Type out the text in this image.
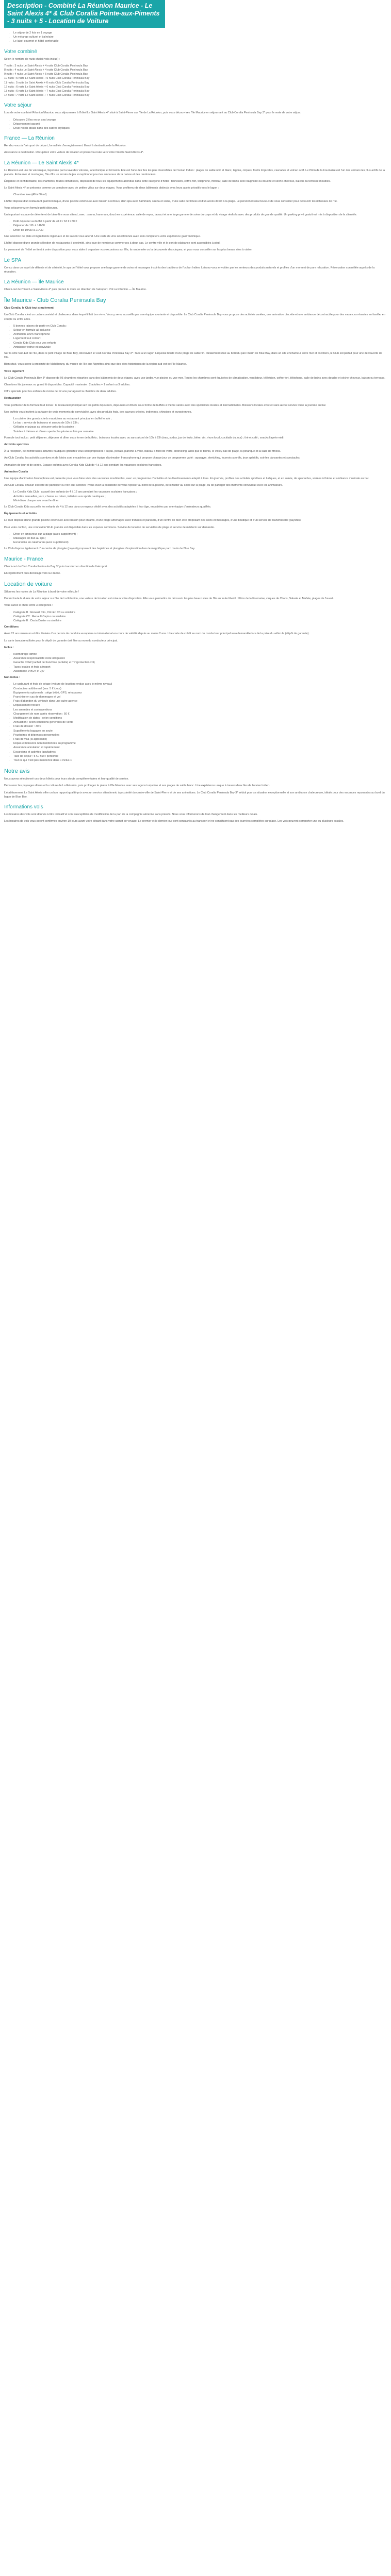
Description - Combiné La Réunion Maurice - Le Saint Alexis 4* & Club Coralia Pointe-aux-Piments - 3 nuits + 5 - Location de Voiture
• Le séjour de 2 fois en 1 voyage
• Un mélange culturel et balnéaire
• Le label gourmet et hôtel confortable
Votre combiné

Selon le nombre de nuits choisi (vols inclus) :

7 nuits : 3 nuits Le Saint Alexis + 4 nuits Club Coralia Peninsula Bay

8 nuits : 4 nuits Le Saint Alexis + 4 nuits Club Coralia Peninsula Bay

9 nuits : 4 nuits Le Saint Alexis + 5 nuits Club Coralia Peninsula Bay

10 nuits : 5 nuits Le Saint Alexis + 5 nuits Club Coralia Peninsula Bay

11 nuits : 5 nuits Le Saint Alexis + 6 nuits Club Coralia Peninsula Bay

12 nuits : 6 nuits Le Saint Alexis + 6 nuits Club Coralia Peninsula Bay

13 nuits : 6 nuits Le Saint Alexis + 7 nuits Club Coralia Peninsula Bay

14 nuits : 7 nuits Le Saint Alexis + 7 nuits Club Coralia Peninsula Bay

Votre séjour

Lors de votre combiné Réunion/Maurice, vous séjournerez à l'hôtel Le Saint Alexis 4* situé à Saint-Pierre sur l'île de La Réunion, puis vous découvrirez l'île Maurice en séjournant au Club Coralia Peninsula Bay 3* pour le reste de votre séjour.

• Découvrir 2 îles en un seul voyage
• Dépaysement garanti
• Deux hôtels idéals dans des cadres idylliques
France — La Réunion

Rendez-vous à l'aéroport de départ, formalités d'enregistrement. Envol à destination de la Réunion.

Assistance à destination. Récupérez votre voiture de location et prenez la route vers votre hôtel le Saint Alexis 4*.

La Réunion — Le Saint Alexis 4*

La Réunion est une île volcanique, façonnée par la lave des volcans, la tectonique et l'érosion. Elle est l'une des îles les plus diversifiées de l'océan Indien : plages de sable noir et blanc, lagons, cirques, forêts tropicales, cascades et volcan actif. Le Piton de la Fournaise est l'un des volcans les plus actifs de la planète. Entre mer et montagne, l'île offre un terrain de jeu exceptionnel pour les amoureux de la nature et des randonnées.

Élégance et confidentialité, les chambres, toutes climatisées, disposent de tous les équipements attendus dans cette catégorie d'hôtel : télévision, coffre-fort, téléphone, minibar, salle de bains avec baignoire ou douche et sèche-cheveux, balcon ou terrasse meublés.

Le Saint Alexis 4* se présente comme un complexe avec de petites villas sur deux étages. Vous profiterez de deux bâtiments distincts avec leurs accès privatifs vers le lagon :

• Chambre luxe (40 à 60 m²)

L'hôtel dispose d'un restaurant gastronomique, d'une piscine extérieure avec bassin à remous, d'un spa avec hammam, sauna et soins, d'une salle de fitness et d'un accès direct à la plage. Le personnel sera heureux de vous conseiller pour découvrir les richesses de l'île.

Vous séjournerez en formule petit déjeuner.

Un important espace de détente et de bien-être vous attend, avec : sauna, hammam, douches expérience, salle de repos, jacuzzi et une large gamme de soins du corps et du visage réalisés avec des produits de grande qualité. Un parking privé gratuit est mis à disposition de la clientèle.

• Petit déjeuner au buffet à partir de 44 € / 63 € / 80 €
• Déjeuner de 12h à 14h30
• Dîner de 19h30 à 21h30

Une sélection de plats et ingrédients régionaux et de saison vous attend. Une carte de vins sélectionnés avec soin complétera votre expérience gastronomique.

L'hôtel dispose d'une grande sélection de restaurants à proximité, ainsi que de nombreux commerces à deux pas. Le centre ville et le port de plaisance sont accessibles à pied.

Le personnel de l'hôtel se tient à votre disposition pour vous aider à organiser vos excursions sur l'île, la randonnée ou la découverte des cirques, et pour vous conseiller sur les plus beaux sites à visiter.

Le SPA

Conçu dans un esprit de détente et de sérénité, le spa de l'hôtel vous propose une large gamme de soins et massages inspirés des traditions de l'océan Indien. Laissez-vous envoûter par les senteurs des produits naturels et profitez d'un moment de pure relaxation. Réservation conseillée auprès de la réception.

La Réunion — Île Maurice

Check-out de l'hôtel Le Saint Alexis 4* puis prenez la route en direction de l'aéroport. Vol La Réunion — Île Maurice.

Île Maurice - Club Coralia Peninsula Bay

Club Coralia, le Club tout simplement

Un Club Coralia, c'est un cadre convivial et chaleureux dans lequel il fait bon vivre. Vous y serez accueillis par une équipe souriante et disponible. Le Club Coralia Peninsula Bay vous propose des activités variées, une animation discrète et une ambiance décontractée pour des vacances réussies en famille, en couple ou entre amis.

• 5 bonnes raisons de partir en Club Coralia :
• Séjour en formule all inclusive
• Animation 100% francophone
• Logement tout confort
• Coralia Kids Club pour vos enfants
• Ambiance festive et conviviale

Sur la côte Sud-Est de l'île, dans le petit village de Blue Bay, découvrez le Club Coralia Peninsula Bay 3* : face à un lagon turquoise bordé d'une plage de sable fin. Idéalement situé au bord du parc marin de Blue Bay, dans un site enchanteur entre mer et cocotiers, le Club est parfait pour une découverte de l'île.

Bien situé, vous serez à proximité de Mahébourg, du musée de l'île aux Aigrettes ainsi que des sites historiques de la région sud-est de l'île Maurice.

Votre logement

Le Club Coralia Peninsula Bay 3* dispose de 95 chambres réparties dans des bâtiments de deux étages, avec vue jardin, vue piscine ou vue mer. Toutes les chambres sont équipées de climatisation, ventilateur, télévision, coffre-fort, téléphone, salle de bains avec douche et sèche-cheveux, balcon ou terrasse.

Chambres lits jumeaux ou grand lit disponibles. Capacité maximale : 2 adultes + 1 enfant ou 3 adultes.

Offre spéciale pour les enfants de moins de 12 ans partageant la chambre de deux adultes.

Restauration

Vous profiterez de la formule tout inclus : le restaurant principal sert les petits déjeuners, déjeuners et dîners sous forme de buffets à thème variés avec des spécialités locales et internationales. Boissons locales avec et sans alcool servies toute la journée au bar.

Nos buffets vous invitent à partager de vrais moments de convivialité, avec des produits frais, des saveurs créoles, indiennes, chinoises et européennes.

• La cuisine des grands chefs mauriciens au restaurant principal en buffet le soir ;
• Le bar : service de boissons et snacks de 10h à 23h ;
• Grillades et pizzas au déjeuner près de la piscine ;
• Soirées à thèmes et dîners spectacles plusieurs fois par semaine

Formule tout inclus : petit déjeuner, déjeuner et dîner sous forme de buffets ; boissons locales avec ou sans alcool de 10h à 23h (eau, sodas, jus de fruits, bière, vin, rhum local, cocktails du jour) ; thé et café ; snacks l'après-midi.

Activités sportives

À la réception, de nombreuses activités nautiques gratuites vous sont proposées : kayak, pédalo, planche à voile, bateau à fond de verre, snorkeling, ainsi que le tennis, le volley-ball de plage, la pétanque et la salle de fitness.

Au Club Coralia, les activités sportives et de loisirs sont encadrées par une équipe d'animation francophone qui propose chaque jour un programme varié : aquagym, stretching, tournois sportifs, jeux apéritifs, soirées dansantes et spectacles.

Animation de jour et de soirée. Espace enfants avec Coralia Kids Club de 4 à 12 ans pendant les vacances scolaires françaises.

Animation Coralia

Une équipe d'animation francophone est présente pour vous faire vivre des vacances inoubliables, avec un programme d'activités et de divertissements adapté à tous. En journée, profitez des activités sportives et ludiques, et en soirée, de spectacles, soirées à thème et ambiance musicale au bar.

Au Club Coralia, chacun est libre de participer ou non aux activités : vous avez la possibilité de vous reposer au bord de la piscine, de lézarder au soleil sur la plage, ou de partager des moments conviviaux avec les animateurs.

• Le Coralia Kids Club : accueil des enfants de 4 à 12 ans pendant les vacances scolaires françaises ;
• Activités manuelles, jeux, chasse au trésor, initiation aux sports nautiques ;
• Mini-disco chaque soir avant le dîner

Le Club Coralia Kids accueille les enfants de 4 à 12 ans dans un espace dédié avec des activités adaptées à leur âge, encadrées par une équipe d'animateurs qualifiés.

Équipements et activités

Le club dispose d'une grande piscine extérieure avec bassin pour enfants, d'une plage aménagée avec transats et parasols, d'un centre de bien-être proposant des soins et massages, d'une boutique et d'un service de blanchisserie (payants).

Pour votre confort, une connexion Wi-Fi gratuite est disponible dans les espaces communs. Service de location de serviettes de plage et service de médecin sur demande.

• Dîner en amoureux sur la plage (avec supplément) ;
• Massages en duo au spa ;
• Excursions en catamaran (avec supplément)

Le Club dispose également d'un centre de plongée (payant) proposant des baptêmes et plongées d'exploration dans le magnifique parc marin de Blue Bay.

Maurice - France

Check-out du Club Coralia Peninsula Bay 3* puis transfert en direction de l'aéroport.

Enregistrement puis décollage vers la France.

Location de voiture

Sillonnez les routes de La Réunion à bord de votre véhicule !

Durant toute la durée de votre séjour sur l'île de La Réunion, une voiture de location est mise à votre disposition. Elle vous permettra de découvrir les plus beaux sites de l'île en toute liberté : Piton de la Fournaise, cirques de Cilaos, Salazie et Mafate, plages de l'ouest...

Vous aurez le choix entre 3 catégories :

• Catégorie B : Renault Clio, Citroën C3 ou similaire
• Catégorie C2 : Renault Captur ou similaire
• Catégorie E : Dacia Duster ou similaire

Conditions

Avoir 21 ans minimum et être titulaire d'un permis de conduire européen ou international en cours de validité depuis au moins 2 ans. Une carte de crédit au nom du conducteur principal sera demandée lors de la prise du véhicule (dépôt de garantie).

La carte bancaire utilisée pour le dépôt de garantie doit être au nom du conducteur principal.

Inclus :

• Kilométrage illimité
• Assurance responsabilité civile obligatoire
• Garantie CDW (rachat de franchise partielle) et TP (protection vol)
• Taxes locales et frais aéroport
• Assistance 24h/24 et 7j/7

Non inclus :

• Le carburant et frais de péage (voiture de location rendue avec le même niveau)
• Conducteur additionnel (env. 5 € / jour)
• Équipements optionnels : siège bébé, GPS, rehausseur
• Franchise en cas de dommages et vol
• Frais d'abandon du véhicule dans une autre agence
• Dépassement horaire
• Les amendes et contraventions
• Changement de nom après réservation : 50 €
• Modification de dates : selon conditions
• Annulation : selon conditions générales de vente
• Frais de dossier : 30 €
• Suppléments bagages en soute
• Pourboires et dépenses personnelles
• Frais de visa (si applicable)
• Repas et boissons non mentionnés au programme
• Assurance annulation et rapatriement
• Excursions et activités facultatives
• Taxe de séjour : 5 € / nuit / personne
• Tout ce qui n'est pas mentionné dans « inclus »
Notre avis

Nous avons sélectionné ces deux hôtels pour leurs atouts complémentaires et leur qualité de service.

Découvrez les paysages divers et la culture de La Réunion, puis prolongez le plaisir à l'île Maurice avec ses lagons turquoise et ses plages de sable blanc. Une expérience unique à travers deux îles de l'océan Indien.

L'établissement Le Saint Alexis offre un bon rapport qualité-prix avec un service attentionné, à proximité du centre-ville de Saint-Pierre et de ses animations. Le Club Coralia Peninsula Bay 3* séduit pour sa situation exceptionnelle et son ambiance chaleureuse, idéale pour des vacances reposantes au bord du lagon de Blue Bay.

Informations vols

Les horaires des vols sont donnés à titre indicatif et sont susceptibles de modification de la part de la compagnie aérienne sans préavis. Nous vous informerons de tout changement dans les meilleurs délais.

Les horaires de vols vous seront confirmés environ 10 jours avant votre départ dans votre carnet de voyage. Le premier et le dernier jour sont consacrés au transport et ne constituent pas des journées complètes sur place. Les vols peuvent comporter une ou plusieurs escales.
